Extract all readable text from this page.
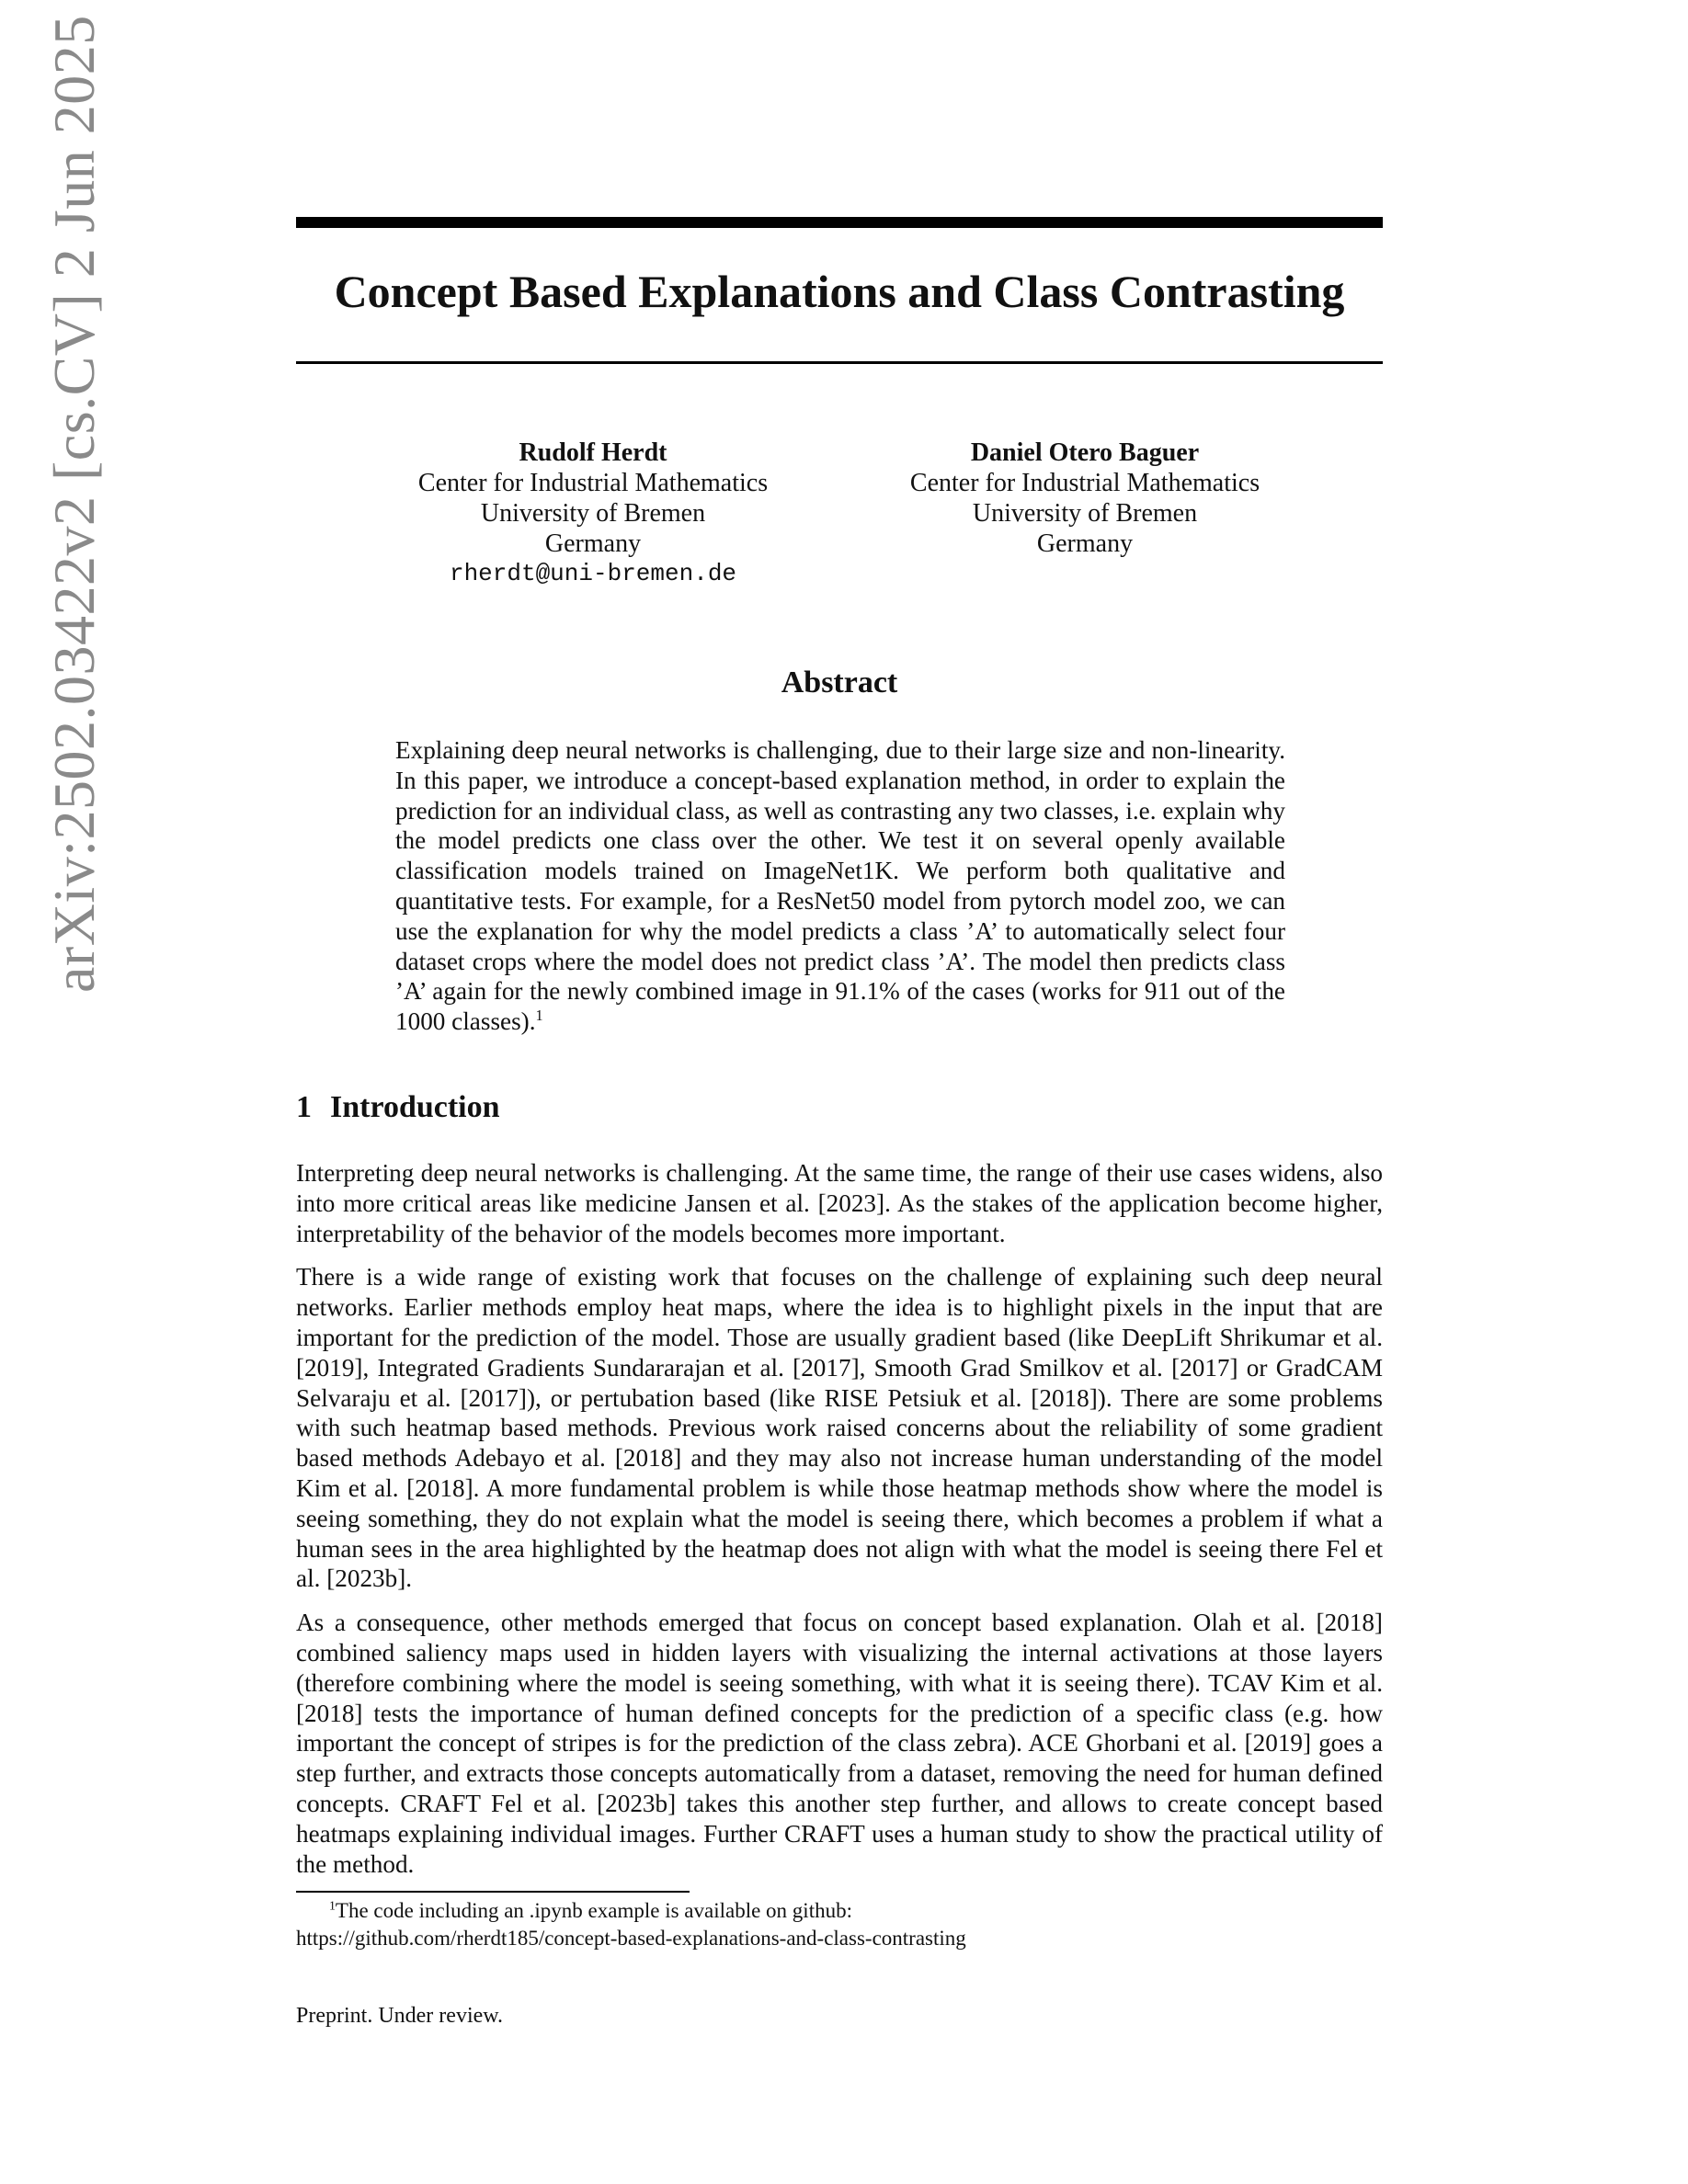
arXiv:2502.03422v2 [cs.CV] 2 Jun 2025	Concept Based Explanations and Class Contrasting
Rudolf Herdt
Center for Industrial Mathematics
University of Bremen
Germany
rherdt@uni-bremen.de
Daniel Otero Baguer
Center for Industrial Mathematics
University of Bremen
Germany
Abstract
Explaining deep neural networks is challenging, due to their large size and non-linearity. In this paper, we introduce a concept-based explanation method, in order to explain the prediction for an individual class, as well as contrasting any two classes, i.e. explain why the model predicts one class over the other. We test it on several openly available classification models trained on ImageNet1K. We perform both qualitative and quantitative tests. For example, for a ResNet50 model from pytorch model zoo, we can use the explanation for why the model predicts a class ’A’ to automatically select four dataset crops where the model does not predict class ’A’. The model then predicts class ’A’ again for the newly combined image in 91.1% of the cases (works for 911 out of the 1000 classes).$^1$
1 Introduction

Interpreting deep neural networks is challenging. At the same time, the range of their use cases widens, also into more critical areas like medicine Jansen et al. [2023]. As the stakes of the application become higher, interpretability of the behavior of the models becomes more important.

There is a wide range of existing work that focuses on the challenge of explaining such deep neural networks. Earlier methods employ heat maps, where the idea is to highlight pixels in the input that are important for the prediction of the model. Those are usually gradient based (like DeepLift Shrikumar et al. [2019], Integrated Gradients Sundararajan et al. [2017], Smooth Grad Smilkov et al. [2017] or GradCAM Selvaraju et al. [2017]), or pertubation based (like RISE Petsiuk et al. [2018]). There are some problems with such heatmap based methods. Previous work raised concerns about the reliability of some gradient based methods Adebayo et al. [2018] and they may also not increase human understanding of the model Kim et al. [2018]. A more fundamental problem is while those heatmap methods show where the model is seeing something, they do not explain what the model is seeing there, which becomes a problem if what a human sees in the area highlighted by the heatmap does not align with what the model is seeing there Fel et al. [2023b].

As a consequence, other methods emerged that focus on concept based explanation. Olah et al. [2018] combined saliency maps used in hidden layers with visualizing the internal activations at those layers (therefore combining where the model is seeing something, with what it is seeing there). TCAV Kim et al. [2018] tests the importance of human defined concepts for the prediction of a specific class (e.g. how important the concept of stripes is for the prediction of the class zebra). ACE Ghorbani et al. [2019] goes a step further, and extracts those concepts automatically from a dataset, removing the need for human defined concepts. CRAFT Fel et al. [2023b] takes this another step further, and allows to create concept based heatmaps explaining individual images. Further CRAFT uses a human study to show the practical utility of the method.

$^1$The code including an .ipynb example is available on github:
https://github.com/rherdt185/concept-based-explanations-and-class-contrasting
Preprint. Under review.
